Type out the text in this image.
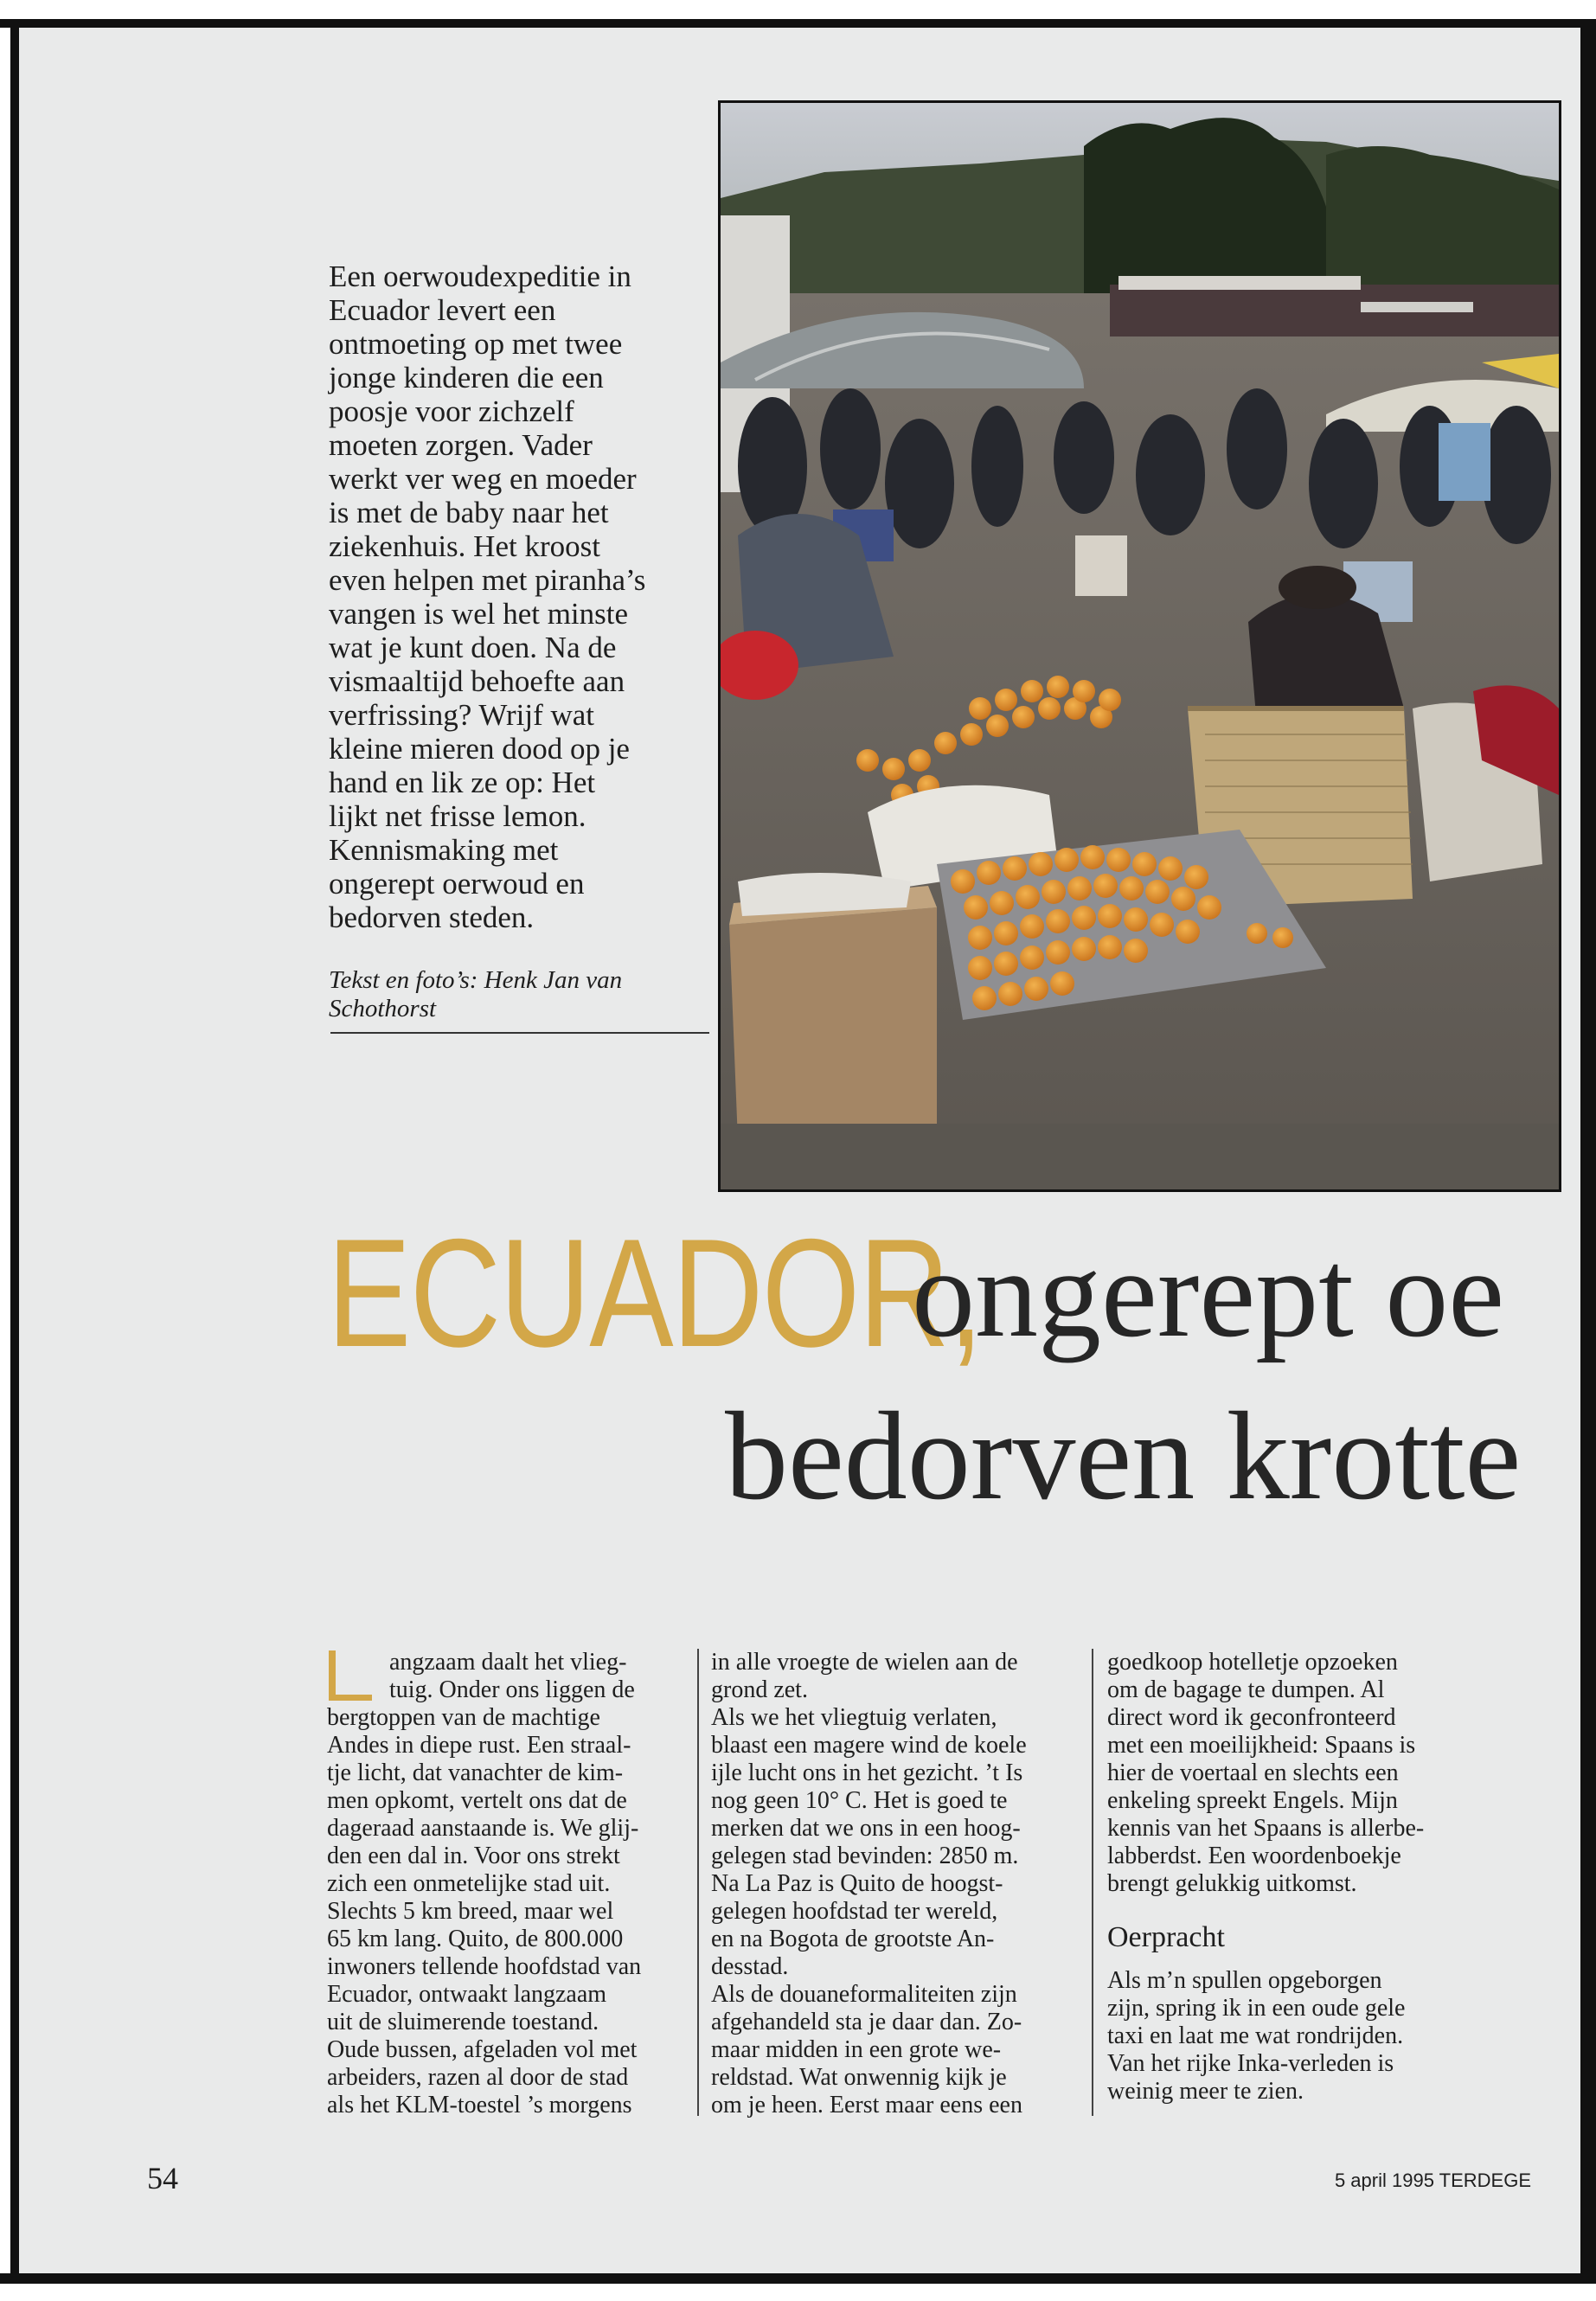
Een oerwoudexpeditie in
Ecuador levert een
ontmoeting op met twee
jonge kinderen die een
poosje voor zichzelf
moeten zorgen. Vader
werkt ver weg en moeder
is met de baby naar het
ziekenhuis. Het kroost
even helpen met piranha’s
vangen is wel het minste
wat je kunt doen. Na de
vismaaltijd behoefte aan
verfrissing? Wrijf wat
kleine mieren dood op je
hand en lik ze op: Het
lijkt net frisse lemon.
Kennismaking met
ongerept oerwoud en
bedorven steden.
Tekst en foto’s: Henk Jan van
Schothorst
ECUADOR,
ongerept oe
bedorven krotte

angzaam daalt het vlieg-

tuig. Onder ons liggen de

bergtoppen van de machtige

Andes in diepe rust. Een straal-

tje licht, dat vanachter de kim-

men opkomt, vertelt ons dat de

dageraad aanstaande is. We glij-

den een dal in. Voor ons strekt

zich een onmetelijke stad uit.

Slechts 5 km breed, maar wel

65 km lang. Quito, de 800.000

inwoners tellende hoofdstad van

Ecuador, ontwaakt langzaam

uit de sluimerende toestand.

Oude bussen, afgeladen vol met

arbeiders, razen al door de stad

als het KLM-toestel ’s morgens

in alle vroegte de wielen aan de

grond zet.

Als we het vliegtuig verlaten,

blaast een magere wind de koele

ijle lucht ons in het gezicht. ’t Is

nog geen 10° C. Het is goed te

merken dat we ons in een hoog-

gelegen stad bevinden: 2850 m.

Na La Paz is Quito de hoogst-

gelegen hoofdstad ter wereld,

en na Bogota de grootste An-

desstad.

Als de douaneformaliteiten zijn

afgehandeld sta je daar dan. Zo-

maar midden in een grote we-

reldstad. Wat onwennig kijk je

om je heen. Eerst maar eens een

goedkoop hotelletje opzoeken

om de bagage te dumpen. Al

direct word ik geconfronteerd

met een moeilijkheid: Spaans is

hier de voertaal en slechts een

enkeling spreekt Engels. Mijn

kennis van het Spaans is allerbe-

labberdst. Een woordenboekje

brengt gelukkig uitkomst.

Oerpracht

Als m’n spullen opgeborgen

zijn, spring ik in een oude gele

taxi en laat me wat rondrijden.

Van het rijke Inka-verleden is

weinig meer te zien.

54	5 april 1995 TERDEGE
